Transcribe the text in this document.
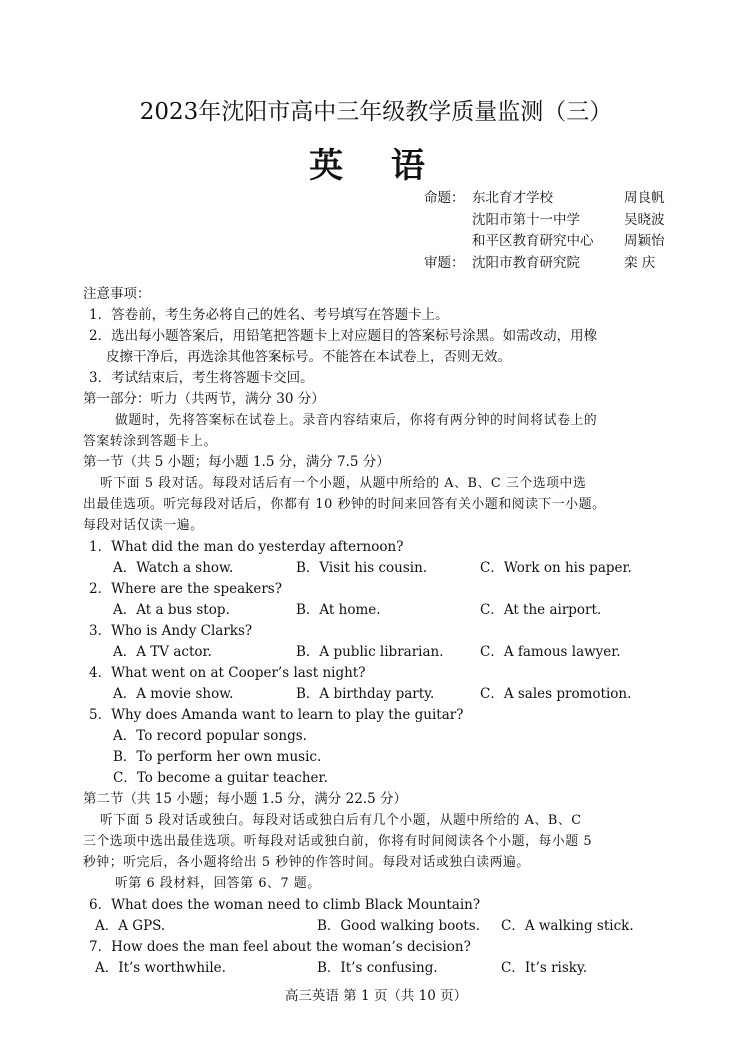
2023年沈阳市高中三年级教学质量监测（三）
英 语
命题： 东北育才学校	周良帆
沈阳市第十一中学	吴晓波
和平区教育研究中心 周颖怡
审题： 沈阳市教育研究院	栾 庆
注意事项：
1．答卷前，考生务必将自己的姓名、考号填写在答题卡上。
2．选出每小题答案后，用铅笔把答题卡上对应题目的答案标号涂黑。如需改动，用橡
皮擦干净后，再选涂其他答案标号。不能答在本试卷上，否则无效。
3．考试结束后，考生将答题卡交回。
第一部分：听力（共两节，满分 30 分）
做题时，先将答案标在试卷上。录音内容结束后，你将有两分钟的时间将试卷上的
答案转涂到答题卡上。
第一节（共 5 小题；每小题 1.5 分，满分 7.5 分）
听下面 5 段对话。每段对话后有一个小题，从题中所给的 A、B、C 三个选项中选
出最佳选项。听完每段对话后，你都有 10 秒钟的时间来回答有关小题和阅读下一小题。
每段对话仅读一遍。
1．What did the man do yesterday afternoon?
A．Watch a show.	B．Visit his cousin.	C．Work on his paper.
2．Where are the speakers?
A．At a bus stop.	B．At home.	C．At the airport.
3．Who is Andy Clarks?
A．A TV actor.	B．A public librarian.	C．A famous lawyer.
4．What went on at Cooper’s last night?
A．A movie show.	B．A birthday party.	C．A sales promotion.
5．Why does Amanda want to learn to play the guitar?
A．To record popular songs.
B．To perform her own music.
C．To become a guitar teacher.
第二节（共 15 小题；每小题 1.5 分，满分 22.5 分）
听下面 5 段对话或独白。每段对话或独白后有几个小题，从题中所给的 A、B、C
三个选项中选出最佳选项。听每段对话或独白前，你将有时间阅读各个小题，每小题 5
秒钟；听完后，各小题将给出 5 秒钟的作答时间。每段对话或独白读两遍。
听第 6 段材料，回答第 6、7 题。
6．What does the woman need to climb Black Mountain?
A．A GPS.	B．Good walking boots. C．A walking stick.
7．How does the man feel about the woman’s decision?
A．It’s worthwhile.	B．It’s confusing.	C．It’s risky.
高三英语 第 1 页（共 10 页）
